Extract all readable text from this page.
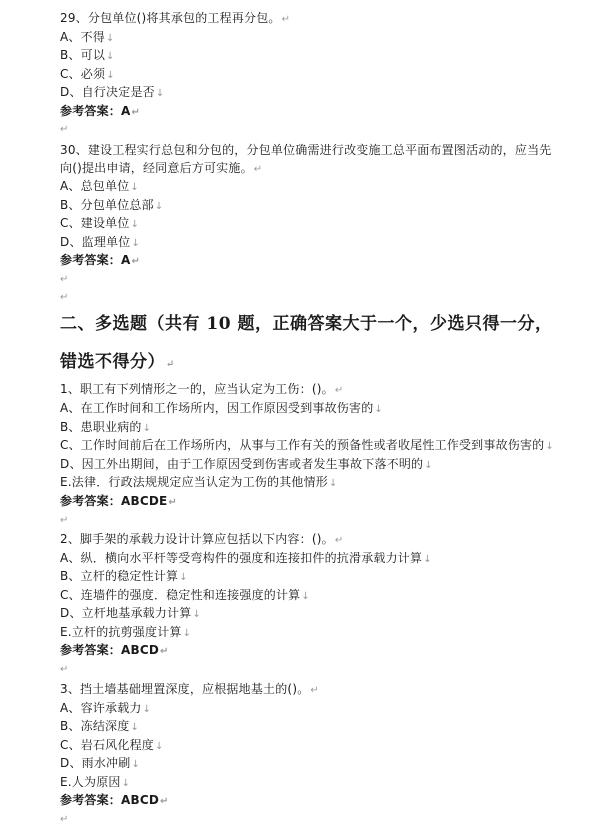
29、分包单位()将其承包的工程再分包。↵
A、不得↓
B、可以↓
C、必须↓
D、自行决定是否↓
参考答案：A↵
↵
30、建设工程实行总包和分包的，分包单位确需进行改变施工总平面布置图活动的，应当先
向()提出申请，经同意后方可实施。↵
A、总包单位↓
B、分包单位总部↓
C、建设单位↓
D、监理单位↓
参考答案：A↵
↵
↵
二、多选题（共有 10 题，正确答案大于一个，少选只得一分，
错选不得分）↵
1、职工有下列情形之一的，应当认定为工伤：()。↵
A、在工作时间和工作场所内，因工作原因受到事故伤害的↓
B、患职业病的↓
C、工作时间前后在工作场所内，从事与工作有关的预备性或者收尾性工作受到事故伤害的↓
D、因工外出期间，由于工作原因受到伤害或者发生事故下落不明的↓
E.法律．行政法规规定应当认定为工伤的其他情形↓
参考答案：ABCDE↵
↵
2、脚手架的承载力设计计算应包括以下内容：()。↵
A、纵．横向水平杆等受弯构件的强度和连接扣件的抗滑承载力计算↓
B、立杆的稳定性计算↓
C、连墙件的强度．稳定性和连接强度的计算↓
D、立杆地基承载力计算↓
E.立杆的抗剪强度计算↓
参考答案：ABCD↵
↵
3、挡土墙基础埋置深度，应根据地基土的()。↵
A、容许承载力↓
B、冻结深度↓
C、岩石风化程度↓
D、雨水冲刷↓
E.人为原因↓
参考答案：ABCD↵
↵
